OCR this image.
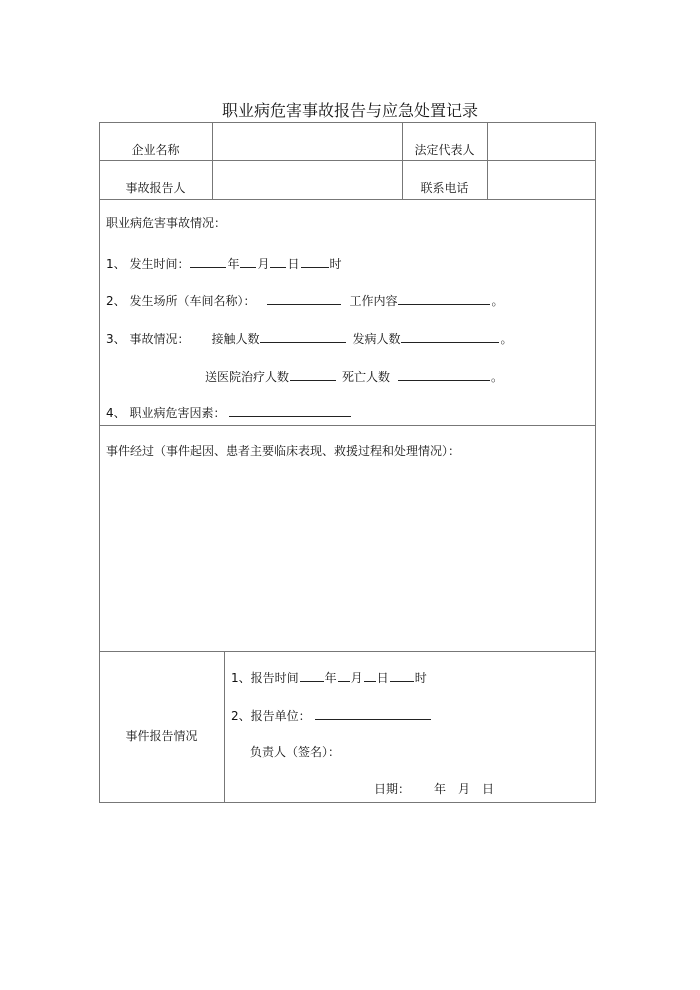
职业病危害事故报告与应急处置记录
企业名称	法定代表人
事故报告人	联系电话
职业病危害事故情况：
1、 发生时间：	年 月 日	时
2、 发生场所（车间名称）：	工作内容	。
3、 事故情况： 接触人数	发病人数	。
送医院治疗人数	死亡人数	。
4、 职业病危害因素：
事件经过（事件起因、患者主要临床表现、救援过程和处理情况）：
事件报告情况
1、报告时间 年 月 日 时
2、报告单位：
负责人（签名）：
日期： 年 月 日
